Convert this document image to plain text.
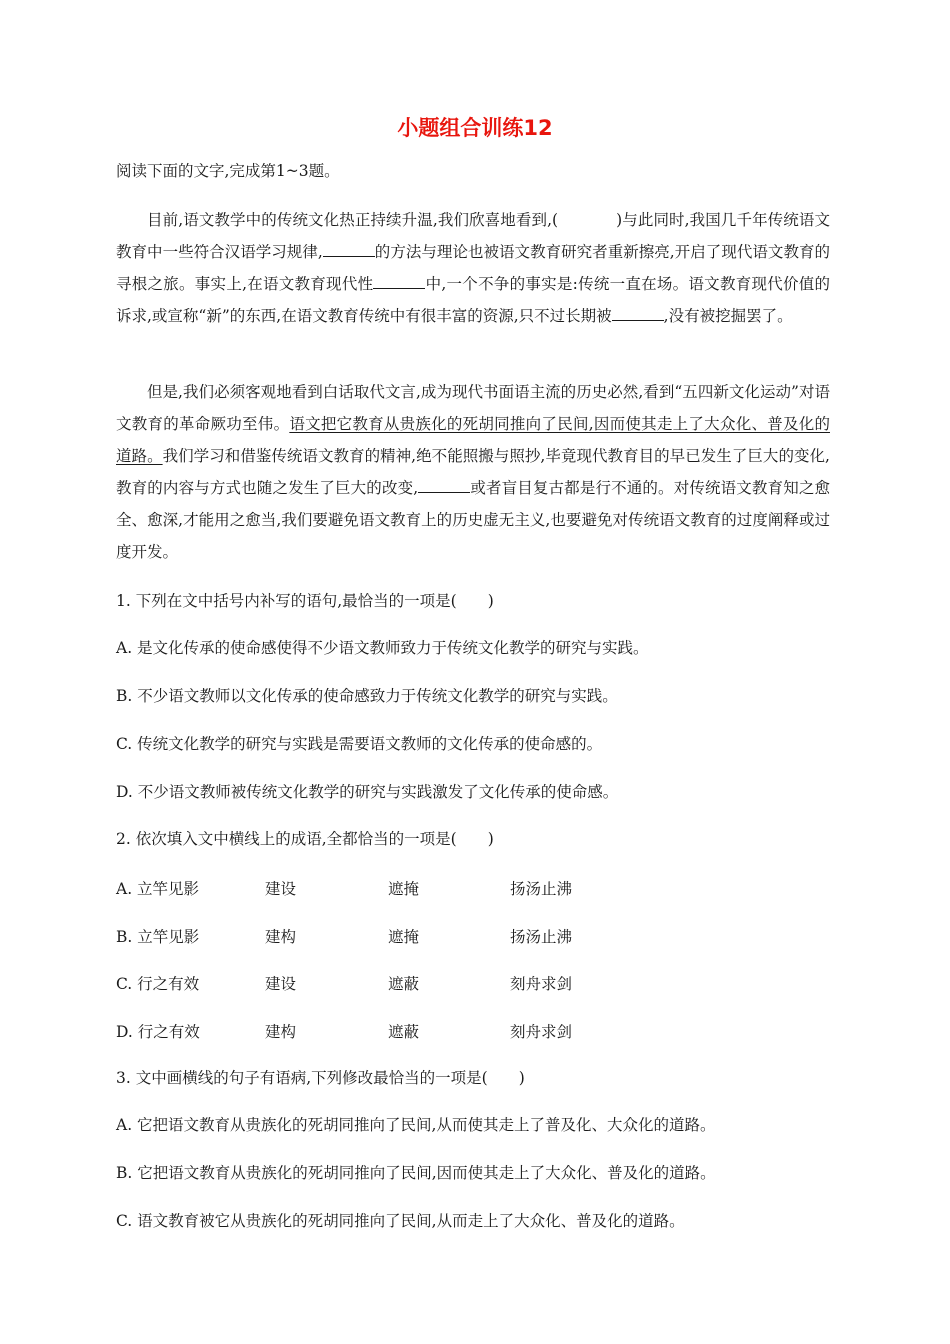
小题组合训练12
阅读下面的文字,完成第1~3题。

目前,语文教学中的传统文化热正持续升温,我们欣喜地看到,(	)与此同时,我国几千年传统语文教育中一些符合汉语学习规律,	的方法与理论也被语文教育研究者重新擦亮,开启了现代语文教育的寻根之旅。事实上,在语文教育现代性	中,一个不争的事实是:传统一直在场。语文教育现代价值的诉求,或宣称“新”的东西,在语文教育传统中有很丰富的资源,只不过长期被	,没有被挖掘罢了。

但是,我们必须客观地看到白话取代文言,成为现代书面语主流的历史必然,看到“五四新文化运动”对语文教育的革命厥功至伟。语文把它教育从贵族化的死胡同推向了民间,因而使其走上了大众化、普及化的道路。我们学习和借鉴传统语文教育的精神,绝不能照搬与照抄,毕竟现代教育目的早已发生了巨大的变化,教育的内容与方式也随之发生了巨大的改变,	或者盲目复古都是行不通的。对传统语文教育知之愈全、愈深,才能用之愈当,我们要避免语文教育上的历史虚无主义,也要避免对传统语文教育的过度阐释或过度开发。

1. 下列在文中括号内补写的语句,最恰当的一项是(　　)
A. 是文化传承的使命感使得不少语文教师致力于传统文化教学的研究与实践。
B. 不少语文教师以文化传承的使命感致力于传统文化教学的研究与实践。
C. 传统文化教学的研究与实践是需要语文教师的文化传承的使命感的。
D. 不少语文教师被传统文化教学的研究与实践激发了文化传承的使命感。
2. 依次填入文中横线上的成语,全都恰当的一项是(　　)
A. 立竿见影	建设	遮掩	扬汤止沸
B. 立竿见影	建构	遮掩	扬汤止沸
C. 行之有效	建设	遮蔽	刻舟求剑
D. 行之有效	建构	遮蔽	刻舟求剑
3. 文中画横线的句子有语病,下列修改最恰当的一项是(　　)
A. 它把语文教育从贵族化的死胡同推向了民间,从而使其走上了普及化、大众化的道路。
B. 它把语文教育从贵族化的死胡同推向了民间,因而使其走上了大众化、普及化的道路。
C. 语文教育被它从贵族化的死胡同推向了民间,从而走上了大众化、普及化的道路。
